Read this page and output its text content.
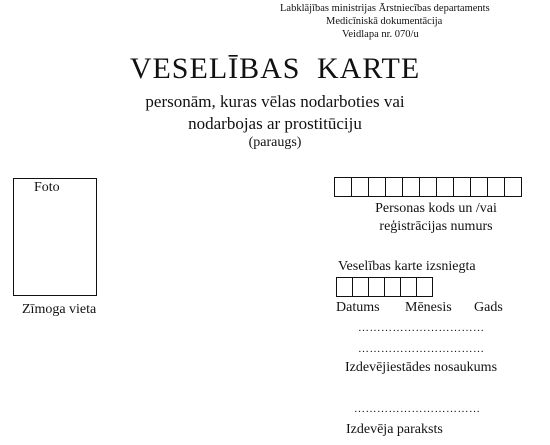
Labklājības ministrijas Ārstniecības departaments
Medicīniskā dokumentācija
Veidlapa nr. 070/u
VESELĪBAS KARTE
personām, kuras vēlas nodarboties vai
nodarbojas ar prostitūciju
(paraugs)
Foto
Zīmoga vieta
Personas kods un /vai
reģistrācijas numurs
Veselības karte izsniegta
Datums Mēnesis Gads
……………………………
……………………………
Izdevējiestādes nosaukums
……………………………
Izdevēja paraksts
